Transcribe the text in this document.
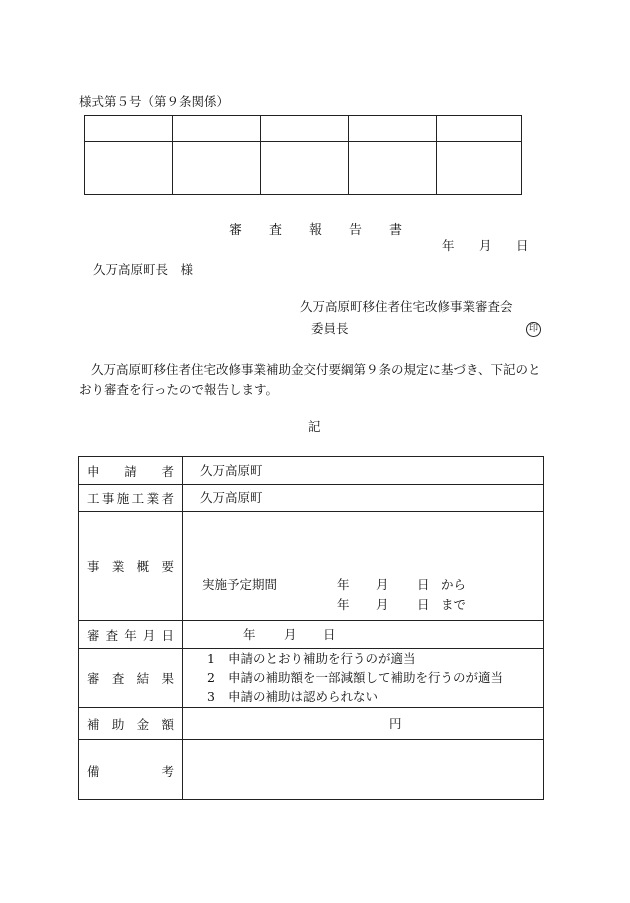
様式第５号（第９条関係）
審 査 報 告 書
年 月 日
久万高原町長　様
久万高原町移住者住宅改修事業審査会
委員長	印
久万高原町移住者住宅改修事業補助金交付要綱第９条の規定に基づき、下記のとおり審査を行ったので報告します。
記
申 請 者 久万高原町
工 事 施 工 業 者 久万高原町
事 業 概 要
実施予定期間	年 月 日 から
年 月 日 まで
審 査 年 月 日	年 月 日
審 査 結 果
1 申請のとおり補助を行うのが適当
2 申請の補助額を一部減額して補助を行うのが適当
3 申請の補助は認められない
補 助 金 額	円
備	考
